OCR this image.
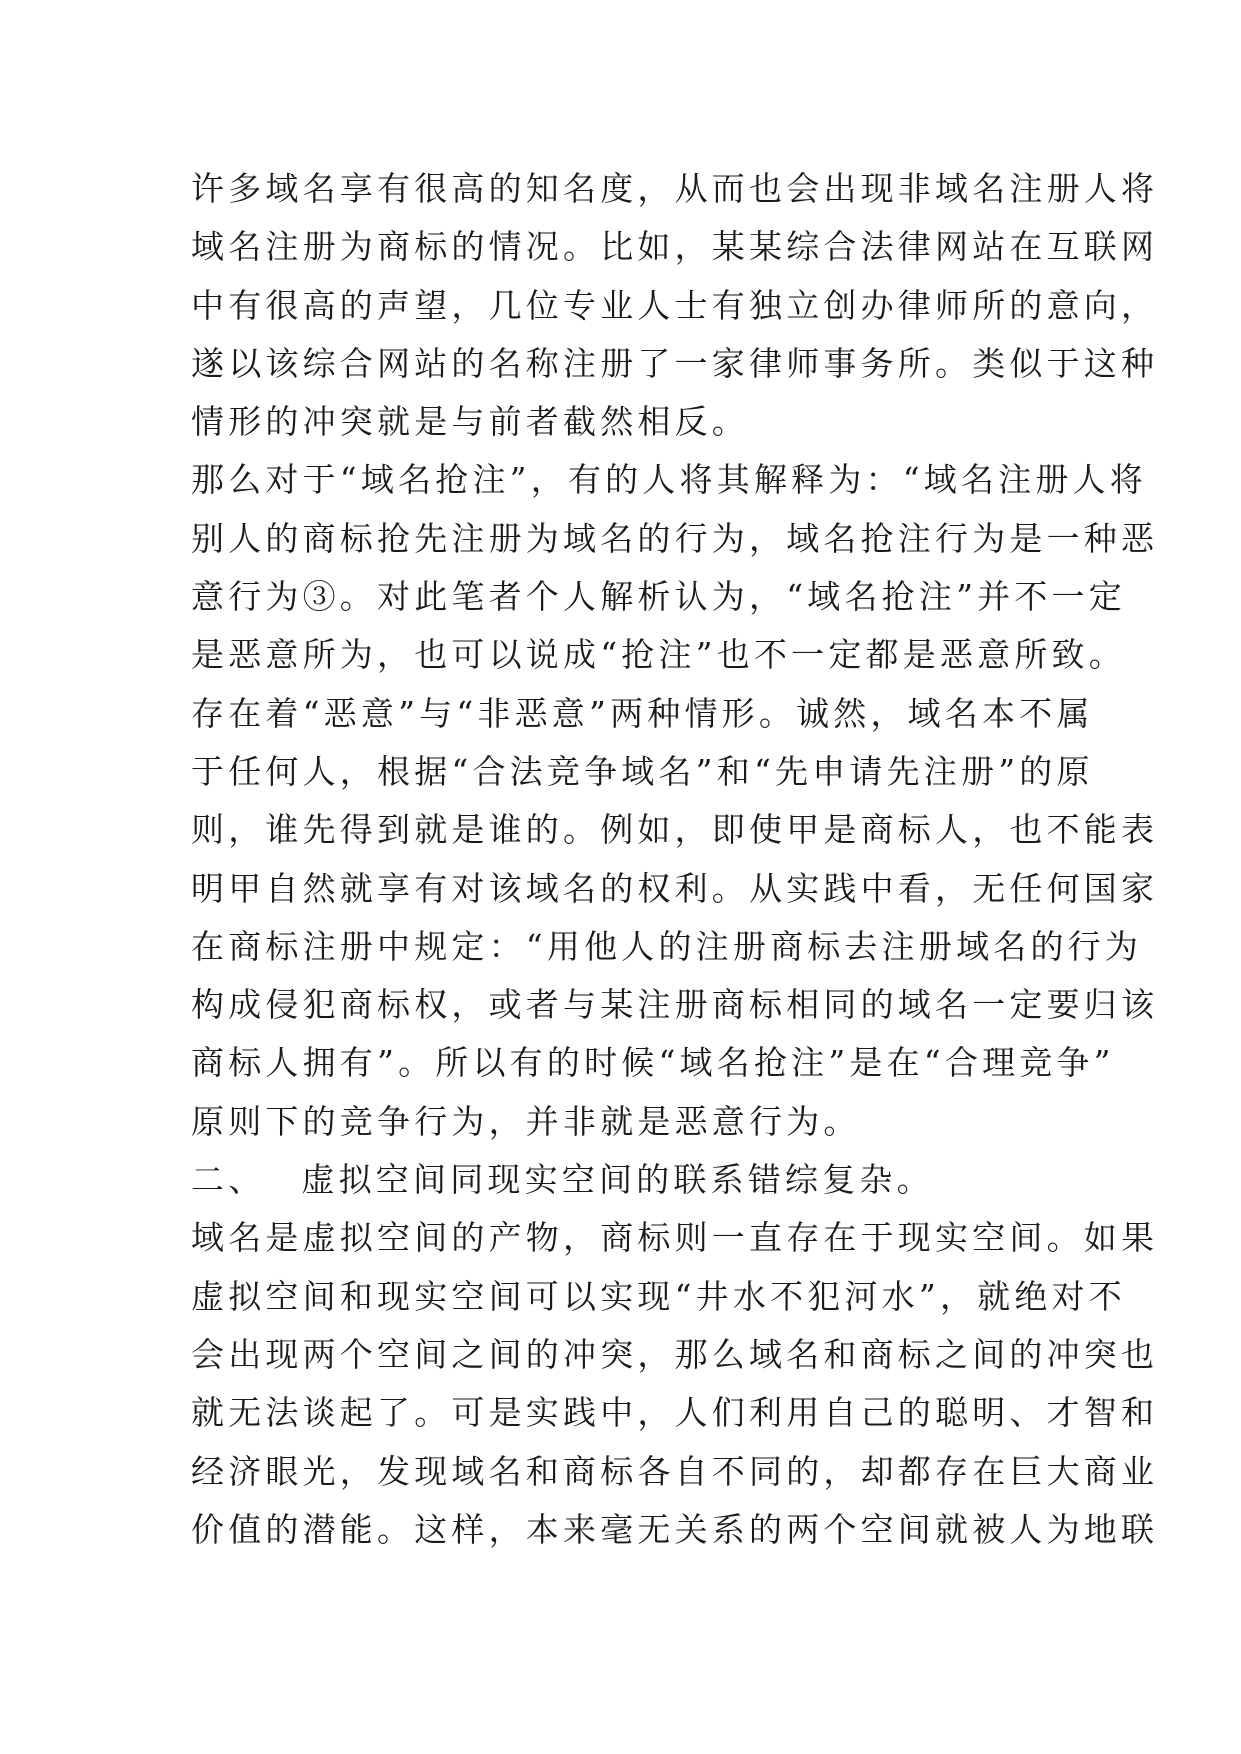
许多域名享有很高的知名度，从而也会出现非域名注册人将
域名注册为商标的情况。比如，某某综合法律网站在互联网
中有很高的声望，几位专业人士有独立创办律师所的意向，
遂以该综合网站的名称注册了一家律师事务所。类似于这种
情形的冲突就是与前者截然相反。
那么对于“域名抢注”，有的人将其解释为：“域名注册人将
别人的商标抢先注册为域名的行为，域名抢注行为是一种恶
意行为③。对此笔者个人解析认为，“域名抢注”并不一定
是恶意所为，也可以说成“抢注”也不一定都是恶意所致。
存在着“恶意”与“非恶意”两种情形。诚然，域名本不属
于任何人，根据“合法竞争域名”和“先申请先注册”的原
则，谁先得到就是谁的。例如，即使甲是商标人，也不能表
明甲自然就享有对该域名的权利。从实践中看，无任何国家
在商标注册中规定：“用他人的注册商标去注册域名的行为
构成侵犯商标权，或者与某注册商标相同的域名一定要归该
商标人拥有”。所以有的时候“域名抢注”是在“合理竞争”
原则下的竞争行为，并非就是恶意行为。
二、 虚拟空间同现实空间的联系错综复杂。
域名是虚拟空间的产物，商标则一直存在于现实空间。如果
虚拟空间和现实空间可以实现“井水不犯河水”，就绝对不
会出现两个空间之间的冲突，那么域名和商标之间的冲突也
就无法谈起了。可是实践中，人们利用自己的聪明、才智和
经济眼光，发现域名和商标各自不同的，却都存在巨大商业
价值的潜能。这样，本来毫无关系的两个空间就被人为地联
